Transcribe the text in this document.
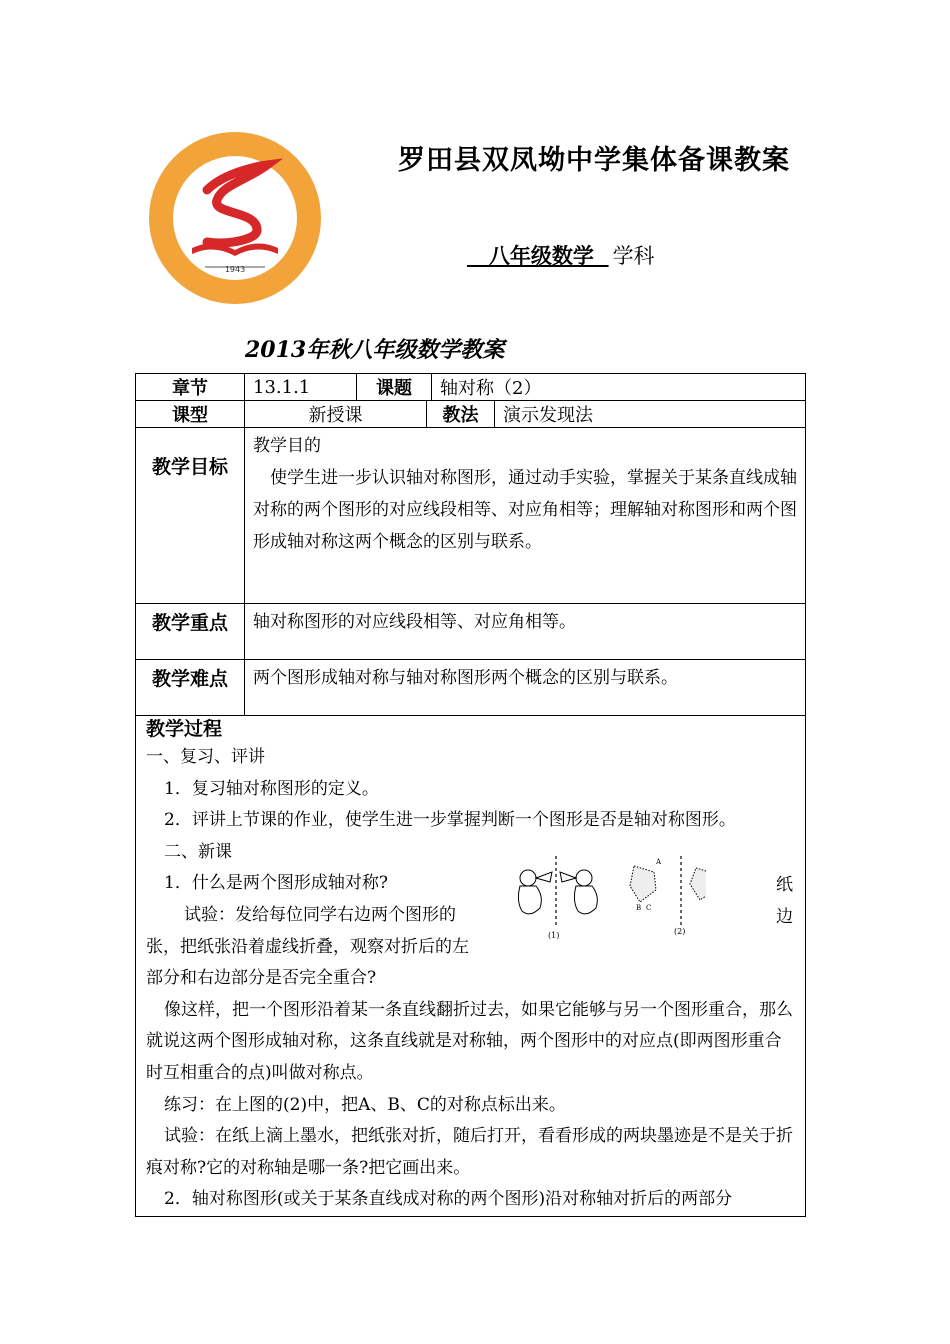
1943
罗田县双凤坳中学集体备课教案
八年级数学  学科
2013年秋八年级数学教案
章节	13.1.1	课题	轴对称（2）
课型	新授课	教法	演示发现法
教学目标
教学目的
使学生进一步认识轴对称图形，通过动手实验，掌握关于某条直线成轴对称的两个图形的对应线段相等、对应角相等；理解轴对称图形和两个图形成轴对称这两个概念的区别与联系。
教学重点	轴对称图形的对应线段相等、对应角相等。
教学难点	两个图形成轴对称与轴对称图形两个概念的区别与联系。
教学过程
一、复习、评讲
1．复习轴对称图形的定义。
2．评讲上节课的作业，使学生进一步掌握判断一个图形是否是轴对称图形。
二、新课
1．什么是两个图形成轴对称?
试验：发给每位同学右边两个图形的
张，把纸张沿着虚线折叠，观察对折后的左
部分和右边部分是否完全重合?
纸
边
A
B C
(1)	(2)
像这样，把一个图形沿着某一条直线翻折过去，如果它能够与另一个图形重合，那么就说这两个图形成轴对称，这条直线就是对称轴，两个图形中的对应点(即两图形重合时互相重合的点)叫做对称点。
练习：在上图的(2)中，把A、B、C的对称点标出来。
试验：在纸上滴上墨水，把纸张对折，随后打开，看看形成的两块墨迹是不是关于折痕对称?它的对称轴是哪一条?把它画出来。
2．轴对称图形(或关于某条直线成对称的两个图形)沿对称轴对折后的两部分
